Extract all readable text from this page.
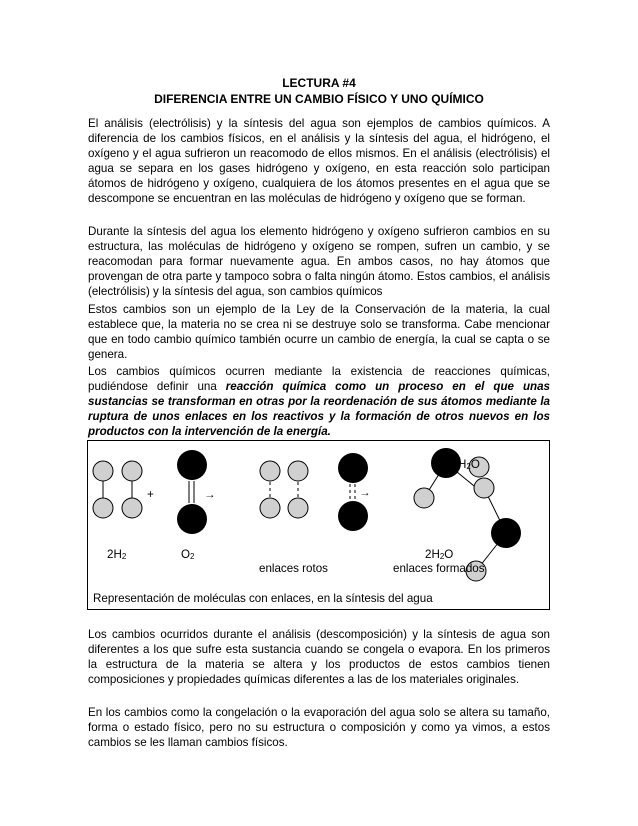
LECTURA #4
DIFERENCIA ENTRE UN CAMBIO FÍSICO Y UNO QUÍMICO

El análisis (electrólisis) y la síntesis del agua son ejemplos de cambios químicos. A diferencia de los cambios físicos, en el análisis y la síntesis del agua, el hidrógeno, el oxígeno y el agua sufrieron un reacomodo de ellos mismos. En el análisis (electrólisis) el agua se separa en los gases hidrógeno y oxígeno, en esta reacción solo participan átomos de hidrógeno y oxígeno, cualquiera de los átomos presentes en el agua que se descompone se encuentran en las moléculas de hidrógeno y oxígeno que se forman.

Durante la síntesis del agua los elemento hidrógeno y oxígeno sufrieron cambios en su estructura, las moléculas de hidrógeno y oxígeno se rompen, sufren un cambio, y se reacomodan para formar nuevamente agua. En ambos casos, no hay átomos que provengan de otra parte y tampoco sobra o falta ningún átomo. Estos cambios, el análisis (electrólisis) y la síntesis del agua, son cambios químicos

Estos cambios son un ejemplo de la Ley de la Conservación de la materia, la cual establece que, la materia no se crea ni se destruye solo se transforma. Cabe mencionar que en todo cambio químico también ocurre un cambio de energía, la cual se capta o se genera.

Los cambios químicos ocurren mediante la existencia de reacciones químicas, pudiéndose definir una reacción química como un proceso en el que unas sustancias se transforman en otras por la reordenación de sus átomos mediante la ruptura de unos enlaces en los reactivos y la formación de otros nuevos en los productos con la intervención de la energía.

+	→	→
$H_2O$
$2H_2$	$O_2$	$2H_2O$
enlaces rotos	enlaces formados
Representación de moléculas con enlaces, en la síntesis del agua

Los cambios ocurridos durante el análisis (descomposición) y la síntesis de agua son diferentes a los que sufre esta sustancia cuando se congela o evapora. En los primeros la estructura de la materia se altera y los productos de estos cambios tienen composiciones y propiedades químicas diferentes a las de los materiales originales.

En los cambios como la congelación o la evaporación del agua solo se altera su tamaño, forma o estado físico, pero no su estructura o composición y como ya vimos, a estos cambios se les llaman cambios físicos.
